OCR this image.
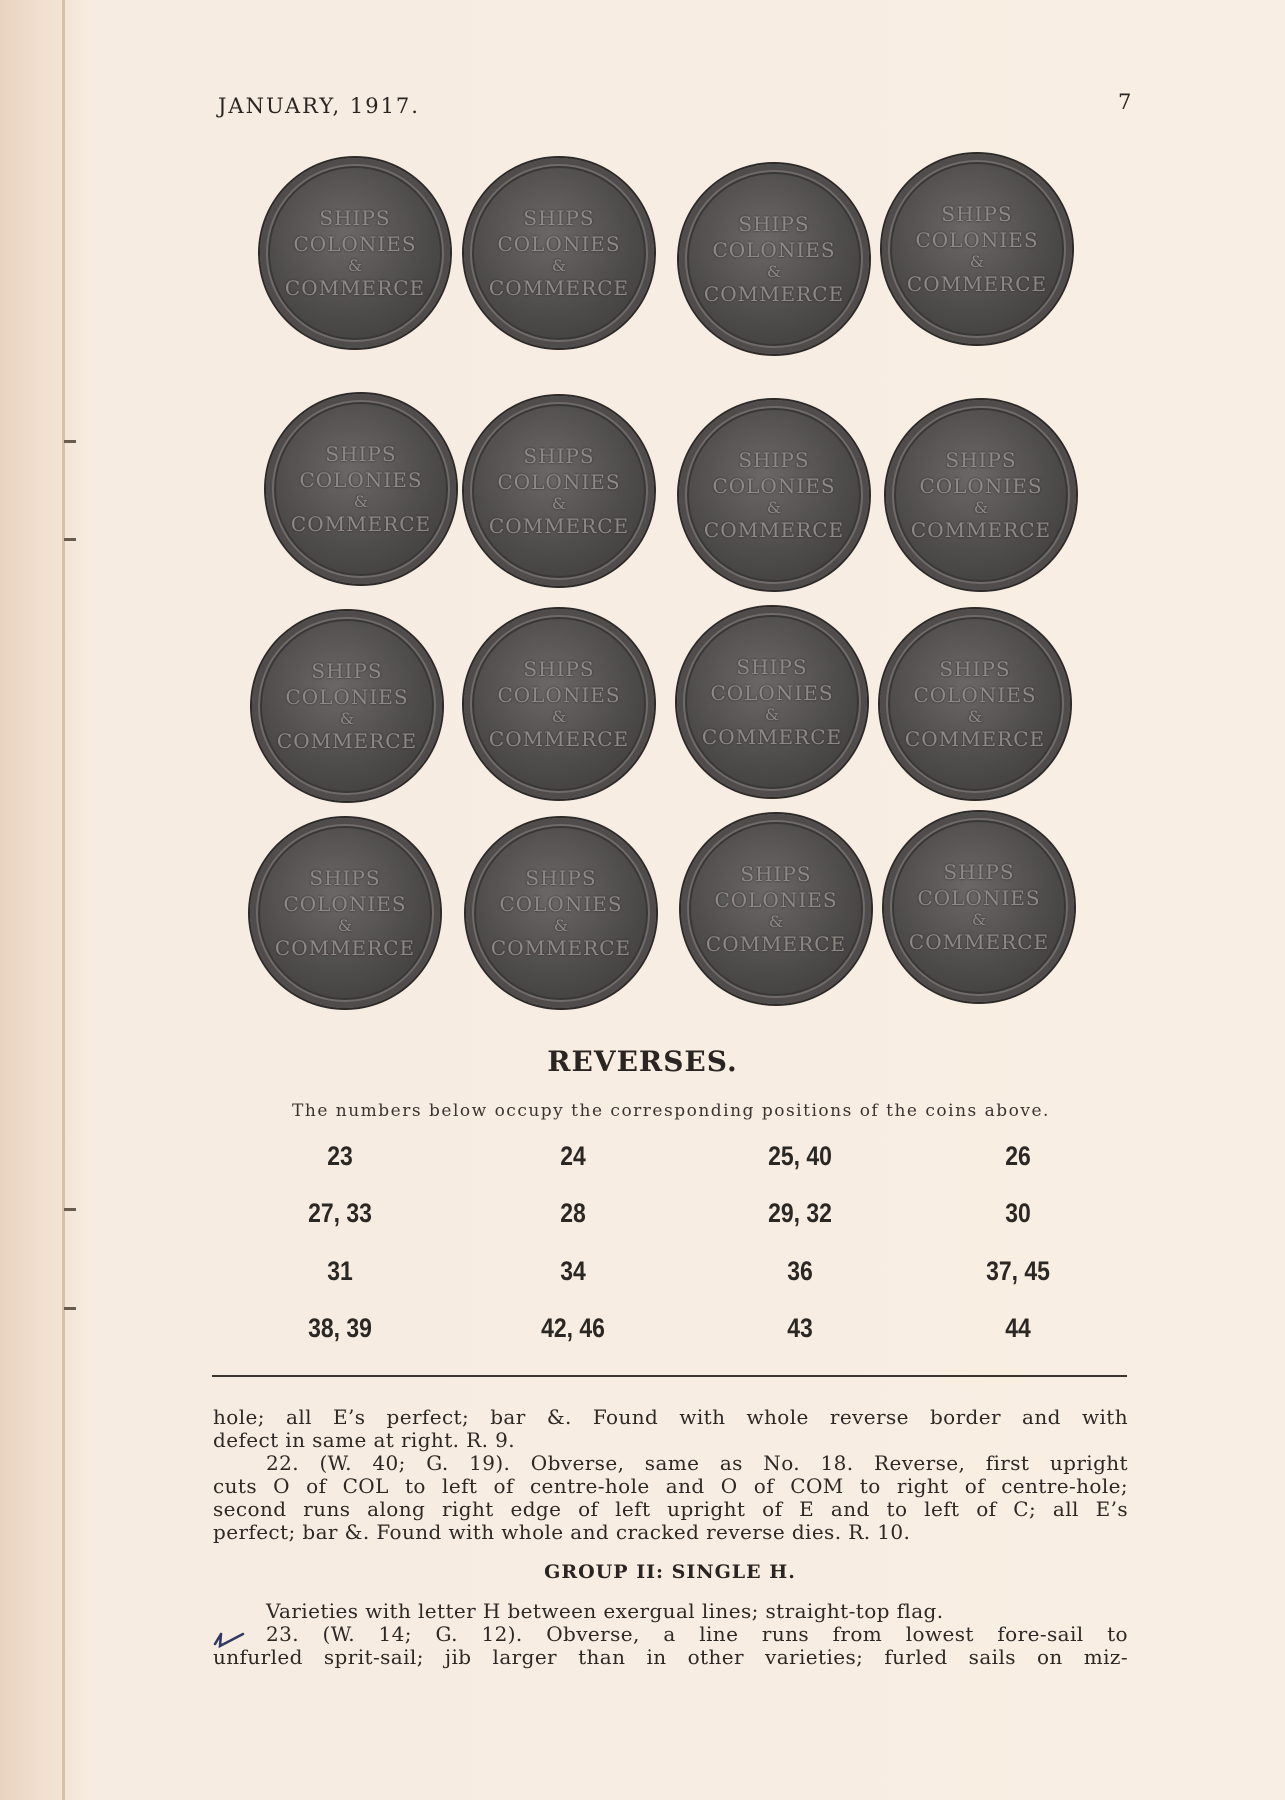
JANUARY, 1917.	7
SHIPS
COLONIES
&
COMMERCE
SHIPS
COLONIES
&
COMMERCE
SHIPS
COLONIES
&
COMMERCE
SHIPS
COLONIES
&
COMMERCE
SHIPS
COLONIES
&
COMMERCE
SHIPS
COLONIES
&
COMMERCE
SHIPS
COLONIES
&
COMMERCE
SHIPS
COLONIES
&
COMMERCE
SHIPS
COLONIES
&
COMMERCE
SHIPS
COLONIES
&
COMMERCE
SHIPS
COLONIES
&
COMMERCE
SHIPS
COLONIES
&
COMMERCE
SHIPS
COLONIES
&
COMMERCE
SHIPS
COLONIES
&
COMMERCE
SHIPS
COLONIES
&
COMMERCE
SHIPS
COLONIES
&
COMMERCE
REVERSES.
The numbers below occupy the corresponding positions of the coins above.
23	24	25, 40	26
27, 33	28	29, 32	30
31	34	36	37, 45
38, 39	42, 46	43	44

hole; all E’s perfect; bar &. Found with whole reverse border and with

defect in same at right. R. 9.

22. (W. 40; G. 19). Obverse, same as No. 18. Reverse, first upright

cuts O of COL to left of centre-hole and O of COM to right of centre-hole;

second runs along right edge of left upright of E and to left of C; all E’s

perfect; bar &. Found with whole and cracked reverse dies. R. 10.

GROUP II: SINGLE H.

Varieties with letter H between exergual lines; straight-top flag.

23. (W. 14; G. 12). Obverse, a line runs from lowest fore-sail to

unfurled sprit-sail; jib larger than in other varieties; furled sails on miz-
